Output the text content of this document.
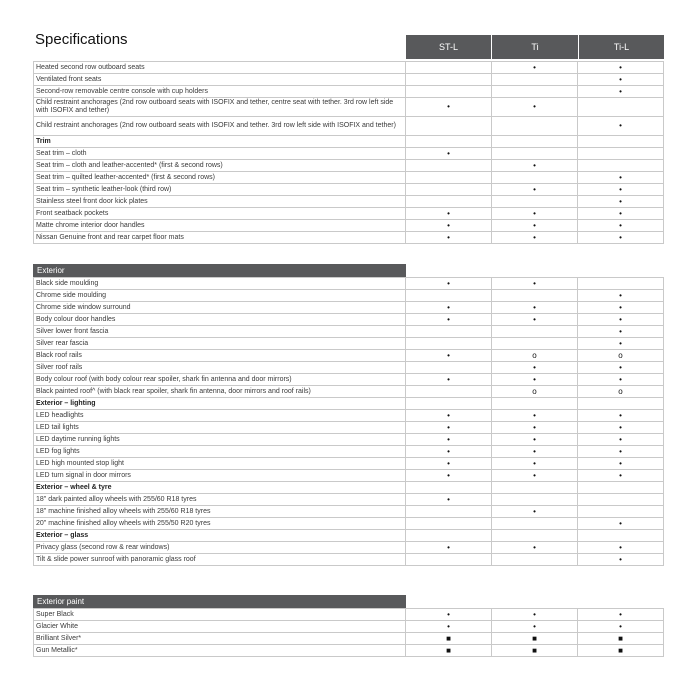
Specifications	ST-L	Ti	Ti-L
Heated second row outboard seats		•	•
Ventilated front seats			•
Second-row removable centre console with cup holders			•
Child restraint anchorages (2nd row outboard seats with ISOFIX and tether, centre seat with tether. 3rd row left side with ISOFIX and tether)	•	•	
Child restraint anchorages (2nd row outboard seats with ISOFIX and tether. 3rd row left side with ISOFIX and tether)			•
Trim			
Seat trim – cloth	•		
Seat trim – cloth and leather-accented* (first & second rows)		•	
Seat trim – quilted leather-accented* (first & second rows)			•
Seat trim – synthetic leather-look (third row)		•	•
Stainless steel front door kick plates			•
Front seatback pockets	•	•	•
Matte chrome interior door handles	•	•	•
Nissan Genuine front and rear carpet floor mats	•	•	•
Exterior
Black side moulding	•	•	
Chrome side moulding			•
Chrome side window surround	•	•	•
Body colour door handles	•	•	•
Silver lower front fascia			•
Silver rear fascia			•
Black roof rails	•	o	o
Silver roof rails		•	•
Body colour roof (with body colour rear spoiler, shark fin antenna and door mirrors)	•	•	•
Black painted roof^ (with black rear spoiler, shark fin antenna, door mirrors and roof rails)		o	o
Exterior – lighting			
LED headlights	•	•	•
LED tail lights	•	•	•
LED daytime running lights	•	•	•
LED fog lights	•	•	•
LED high mounted stop light	•	•	•
LED turn signal in door mirrors	•	•	•
Exterior – wheel & tyre			
18" dark painted alloy wheels with 255/60 R18 tyres	•		
18" machine finished alloy wheels with 255/60 R18 tyres		•	
20" machine finished alloy wheels with 255/50 R20 tyres			•
Exterior – glass			
Privacy glass (second row & rear windows)	•	•	•
Tilt & slide power sunroof with panoramic glass roof			•
Exterior paint
Super Black	•	•	•
Glacier White	•	•	•
Brilliant Silver*	■	■	■
Gun Metallic*	■	■	■
